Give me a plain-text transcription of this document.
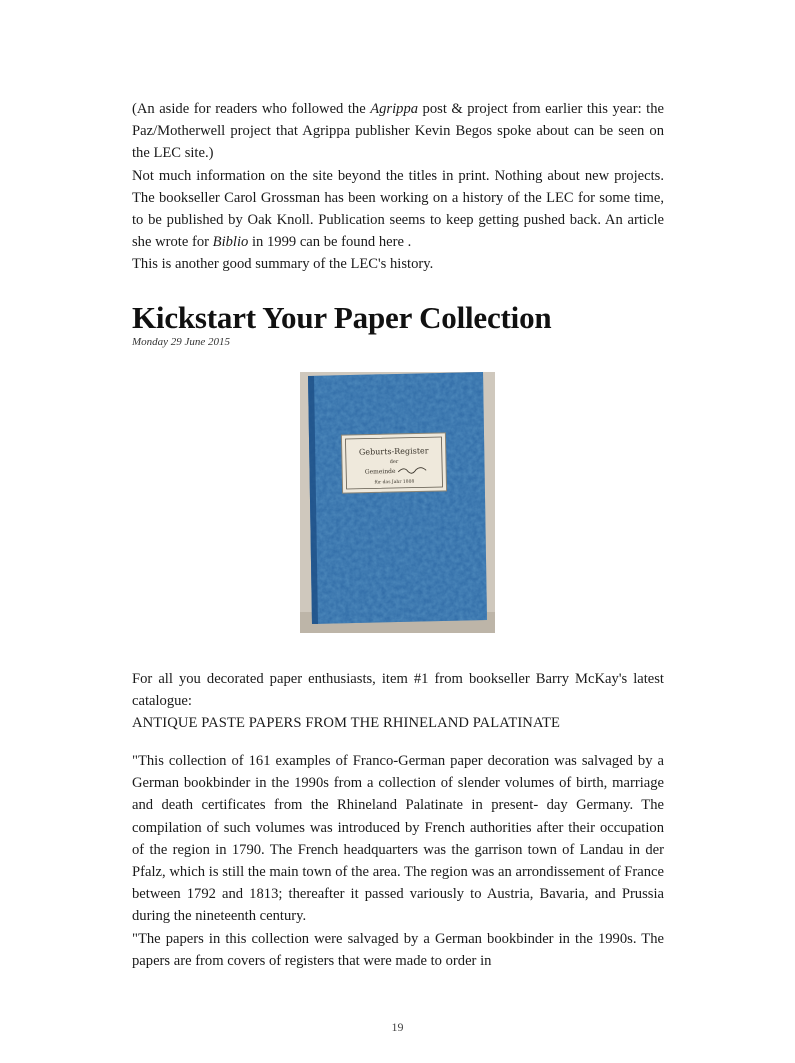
(An aside for readers who followed the Agrippa post & project from earlier this year: the Paz/Motherwell project that Agrippa publisher Kevin Begos spoke about can be seen on the LEC site.)

Not much information on the site beyond the titles in print. Nothing about new projects. The bookseller Carol Grossman has been working on a history of the LEC for some time, to be published by Oak Knoll. Publication seems to keep getting pushed back. An article she wrote for Biblio in 1999 can be found here .

This is another good summary of the LEC's history.

Kickstart Your Paper Collection
Monday 29 June 2015
Geburts-Register
der
Gemeinde
für das Jahr 1808

For all you decorated paper enthusiasts, item #1 from bookseller Barry McKay's latest catalogue:

ANTIQUE PASTE PAPERS FROM THE RHINELAND PALATINATE

"This collection of 161 examples of Franco-German paper decoration was salvaged by a German bookbinder in the 1990s from a collection of slender volumes of birth, marriage and death certificates from the Rhineland Palatinate in present- day Germany. The compilation of such volumes was introduced by French authorities after their occupation of the region in 1790. The French headquarters was the garrison town of Landau in der Pfalz, which is still the main town of the area. The region was an arrondissement of France between 1792 and 1813; thereafter it passed variously to Austria, Bavaria, and Prussia during the nineteenth century.

"The papers in this collection were salvaged by a German bookbinder in the 1990s. The papers are from covers of registers that were made to order in

19
